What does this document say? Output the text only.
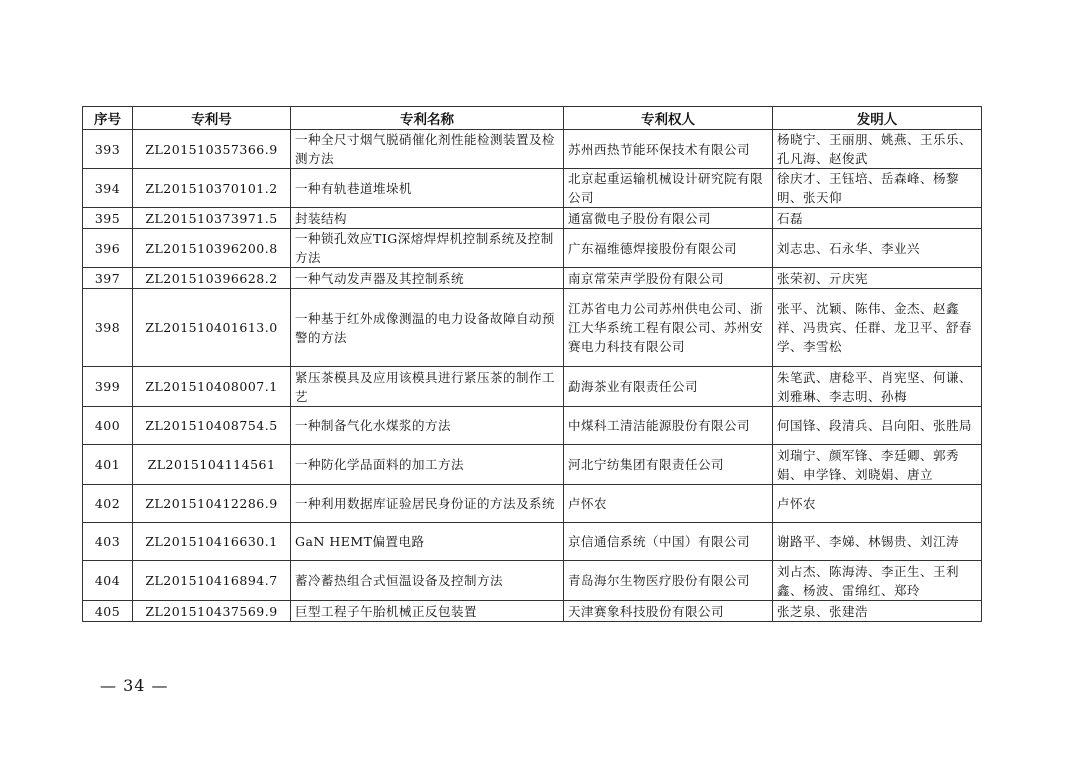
序号	专利号	专利名称	专利权人	发明人
393	ZL201510357366.9	一种全尺寸烟气脱硝催化剂性能检测装置及检测方法	苏州西热节能环保技术有限公司	杨晓宁、王丽朋、姚燕、王乐乐、孔凡海、赵俊武
394	ZL201510370101.2	一种有轨巷道堆垛机	北京起重运输机械设计研究院有限公司	徐庆才、王钰培、岳森峰、杨黎明、张天仰
395	ZL201510373971.5	封装结构	通富微电子股份有限公司	石磊
396	ZL201510396200.8	一种锁孔效应TIG深熔焊焊机控制系统及控制方法	广东福维德焊接股份有限公司	刘志忠、石永华、李业兴
397	ZL201510396628.2	一种气动发声器及其控制系统	南京常荣声学股份有限公司	张荣初、亓庆宪
398	ZL201510401613.0	一种基于红外成像测温的电力设备故障自动预警的方法	江苏省电力公司苏州供电公司、浙江大华系统工程有限公司、苏州安赛电力科技有限公司	张平、沈颖、陈伟、金杰、赵鑫祥、冯贵宾、任群、龙卫平、舒春学、李雪松
399	ZL201510408007.1	紧压茶模具及应用该模具进行紧压茶的制作工艺	勐海茶业有限责任公司	朱笔武、唐稔平、肖宪坚、何谦、刘雅琳、李志明、孙梅
400	ZL201510408754.5	一种制备气化水煤浆的方法	中煤科工清洁能源股份有限公司	何国锋、段清兵、吕向阳、张胜局
401	ZL2015104114561	一种防化学品面料的加工方法	河北宁纺集团有限责任公司	刘瑞宁、颜军锋、李廷卿、郭秀娟、申学锋、刘晓娟、唐立
402	ZL201510412286.9	一种利用数据库证验居民身份证的方法及系统	卢怀农	卢怀农
403	ZL201510416630.1	GaN HEMT偏置电路	京信通信系统（中国）有限公司	谢路平、李娣、林锡贵、刘江涛
404	ZL201510416894.7	蓄冷蓄热组合式恒温设备及控制方法	青岛海尔生物医疗股份有限公司	刘占杰、陈海涛、李正生、王利鑫、杨波、雷绵红、郑玲
405	ZL201510437569.9	巨型工程子午胎机械正反包装置	天津赛象科技股份有限公司	张芝泉、张建浩
— 34 —
